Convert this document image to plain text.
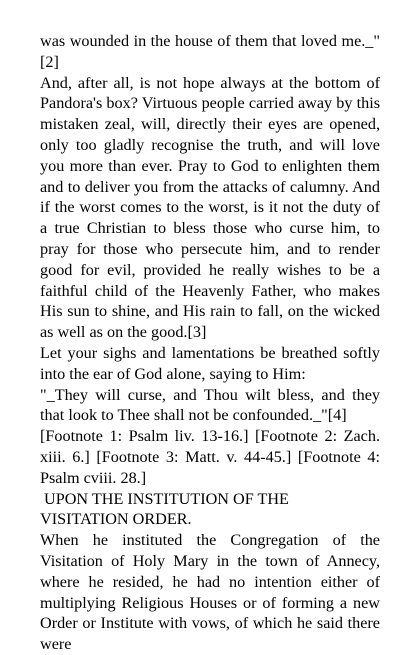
was wounded in the house of them that loved me._"[2]

And, after all, is not hope always at the bottom of Pandora's box? Virtuous people carried away by this mistaken zeal, will, directly their eyes are opened, only too gladly recognise the truth, and will love you more than ever. Pray to God to enlighten them and to deliver you from the attacks of calumny. And if the worst comes to the worst, is it not the duty of a true Christian to bless those who curse him, to pray for those who persecute him, and to render good for evil, provided he really wishes to be a faithful child of the Heavenly Father, who makes His sun to shine, and His rain to fall, on the wicked as well as on the good.[3]

Let your sighs and lamentations be breathed softly into the ear of God alone, saying to Him:

"_They will curse, and Thou wilt bless, and they that look to Thee shall not be confounded._"[4]

[Footnote 1: Psalm liv. 13-16.] [Footnote 2: Zach. xiii. 6.] [Footnote 3: Matt. v. 44-45.] [Footnote 4: Psalm cviii. 28.]

UPON THE INSTITUTION OF THE VISITATION ORDER.

When he instituted the Congregation of the Visitation of Holy Mary in the town of Annecy, where he resided, he had no intention either of multiplying Religious Houses or of forming a new Order or Institute with vows, of which he said there were
